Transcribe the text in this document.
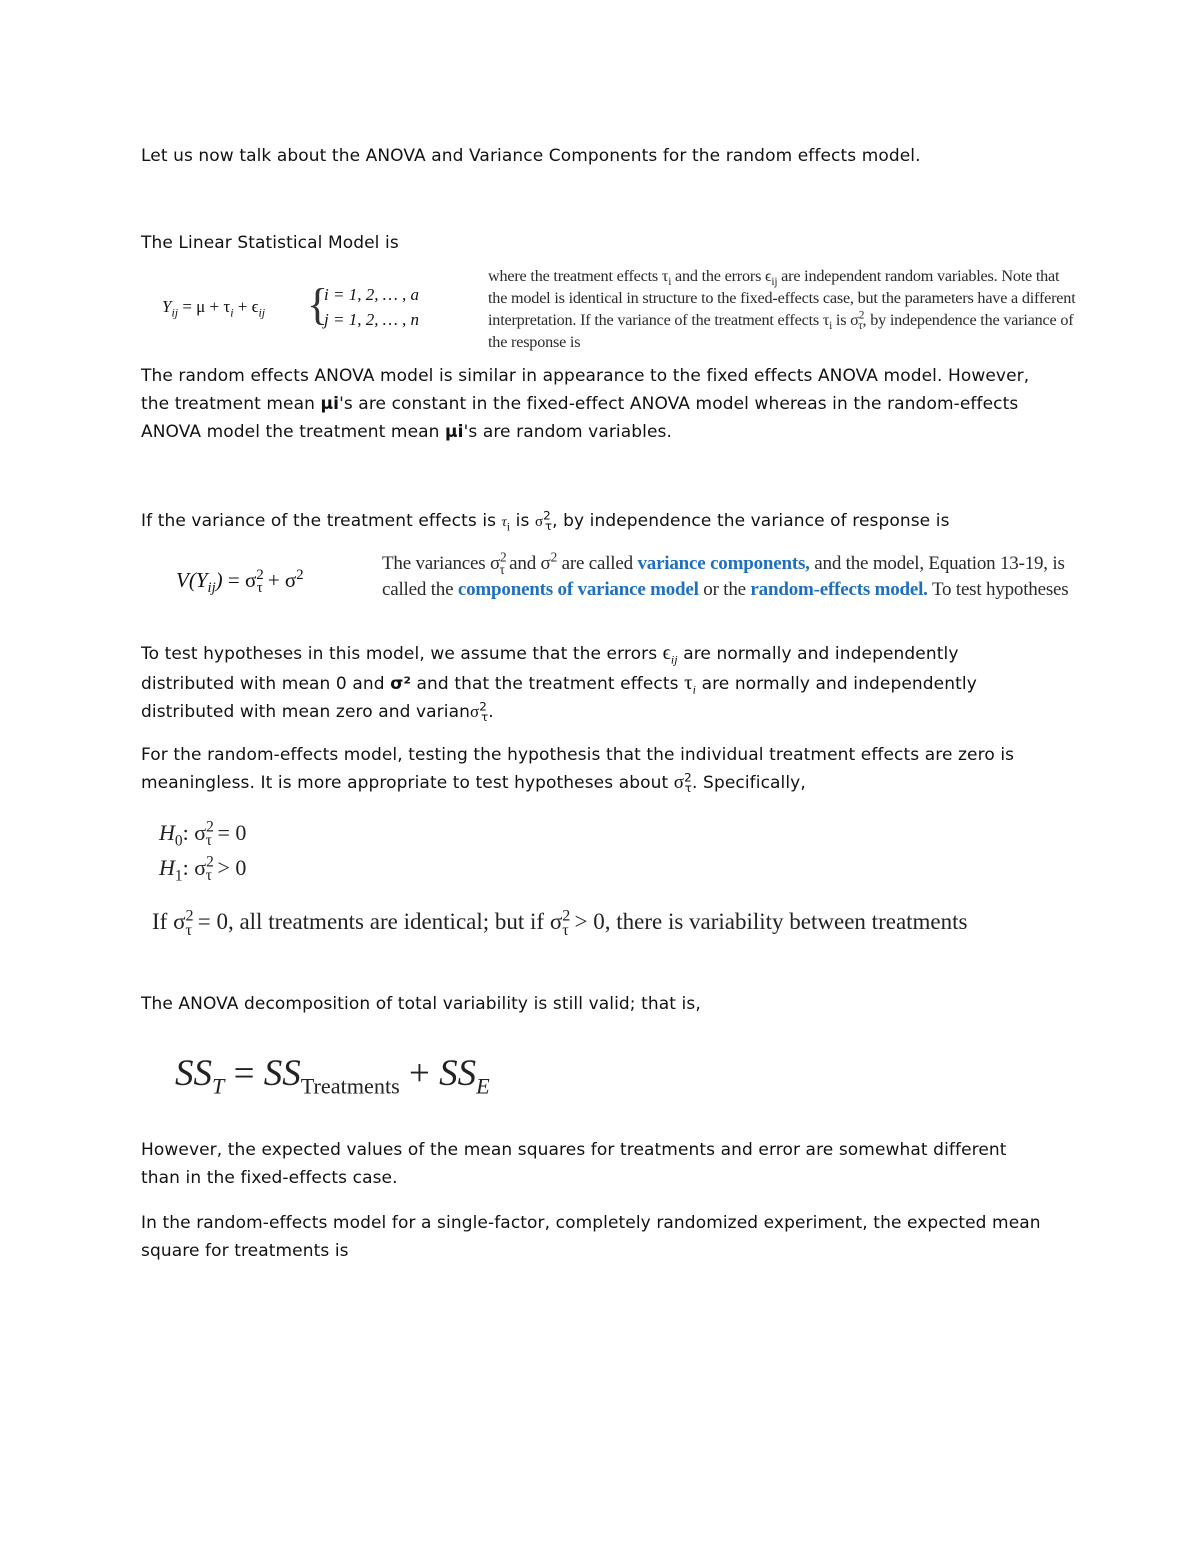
Let us now talk about the ANOVA and Variance Components for the random effects model.
The Linear Statistical Model is
$Y_{ij} = \mu + \tau_i + \epsilon_{ij}$ {
i = 1, 2, … , a
j = 1, 2, … , n
where the treatment effects $\tau_i$ and the errors $\epsilon_{ij}$ are independent random variables. Note that
the model is identical in structure to the fixed-effects case, but the parameters have a different
interpretation. If the variance of the treatment effects $\tau_i$ is $\sigma^2_\tau$, by independence the variance of
the response is
The random effects ANOVA model is similar in appearance to the fixed effects ANOVA model. However,
the treatment mean μi's are constant in the fixed-effect ANOVA model whereas in the random-effects
ANOVA model the treatment mean μi's are random variables.
If the variance of the treatment effects is $\tau_i$ is $\sigma^2_\tau$, by independence the variance of response is
$V(Y_{ij}) = \sigma^2_\tau + \sigma^2$
The variances $\sigma^2_\tau$ and $\sigma^2$ are called variance components, and the model, Equation 13-19, is
called the components of variance model or the random-effects model. To test hypotheses
To test hypotheses in this model, we assume that the errors $\epsilon_{ij}$ are normally and independently
distributed with mean 0 and σ² and that the treatment effects $\tau_i$ are normally and independently
distributed with mean zero and varianσ$^2_\tau$.
For the random-effects model, testing the hypothesis that the individual treatment effects are zero is
meaningless. It is more appropriate to test hypotheses about $\sigma^2_\tau$. Specifically,
$H_0$: $\sigma^2_\tau = 0$
$H_1$: $\sigma^2_\tau > 0$
If $\sigma^2_\tau = 0$, all treatments are identical; but if $\sigma^2_\tau > 0$, there is variability between treatments
The ANOVA decomposition of total variability is still valid; that is,
$SS_T = SS_{Treatments} + SS_E$
However, the expected values of the mean squares for treatments and error are somewhat different
than in the fixed-effects case.
In the random-effects model for a single-factor, completely randomized experiment, the expected mean
square for treatments is
